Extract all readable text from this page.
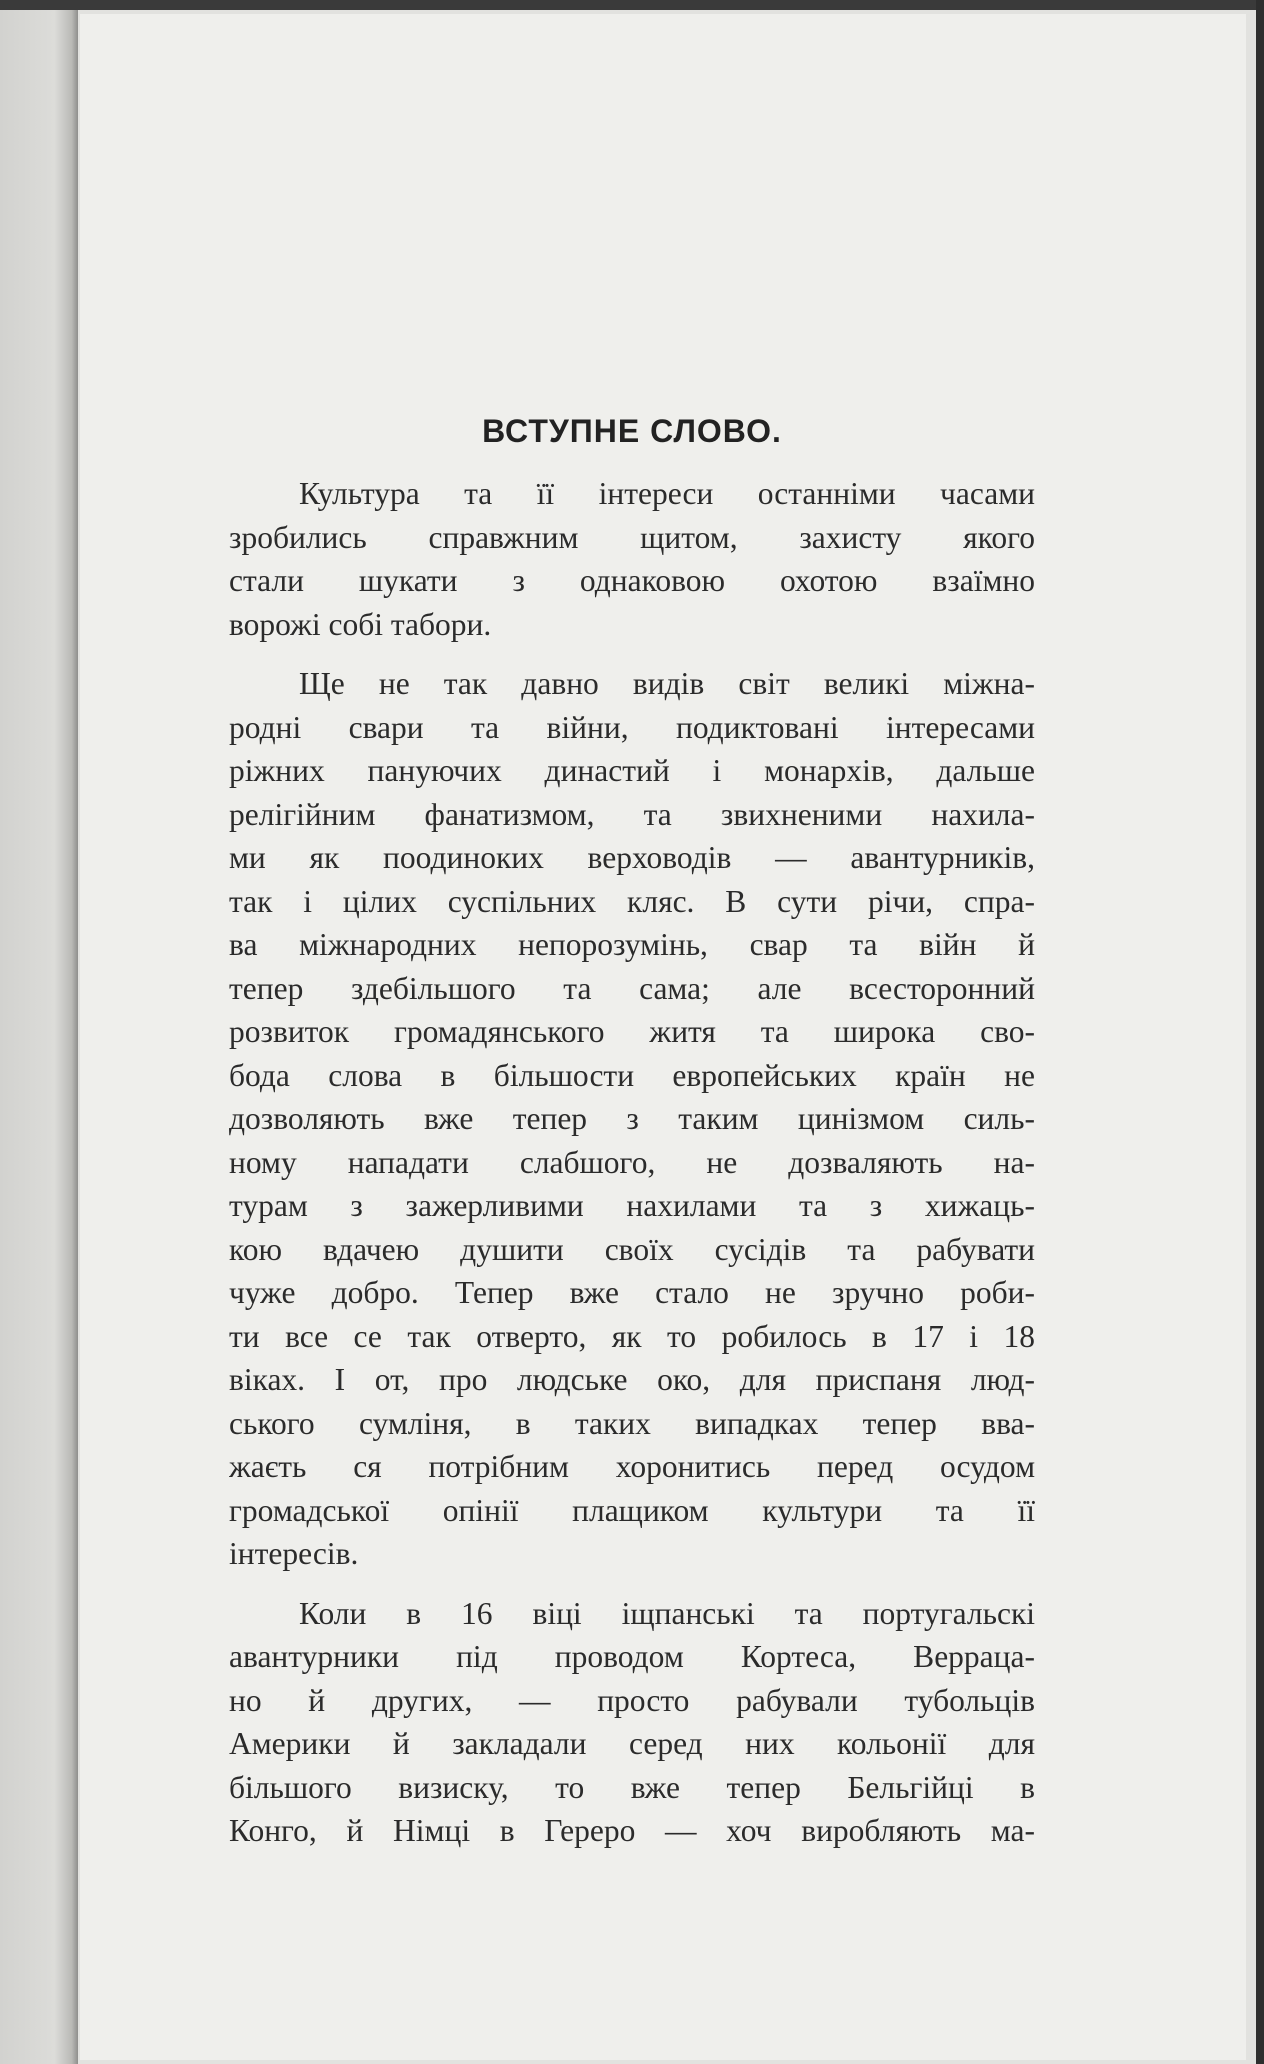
ВСТУПНЕ СЛОВО.
Культура та її інтереси останніми часами
зробились справжним щитом, захисту якого
стали шукати з однаковою охотою взаїмно
ворожі собі табори.
Ще не так давно видів світ великі міжна-
родні свари та війни, подиктовані інтересами
ріжних пануючих династий і монархів, дальше
релігійним фанатизмом, та звихненими нахила-
ми як поодиноких верховодів — авантурників,
так і цілих суспільних кляс. В сути річи, спра-
ва міжнародних непорозумінь, свар та війн й
тепер здебільшого та сама; але всесторонний
розвиток громадянського житя та широка сво-
бода слова в більшости европейських країн не
дозволяють вже тепер з таким цинізмом силь-
ному нападати слабшого, не дозваляють на-
турам з зажерливими нахилами та з хижаць-
кою вдачею душити своїх сусідів та рабувати
чуже добро. Тепер вже стало не зручно роби-
ти все се так отверто, як то робилось в 17 і 18
віках. І от, про людське око, для приспаня люд-
ського сумліня, в таких випадках тепер вва-
жаєть ся потрібним хоронитись перед осудом
громадської опінії плащиком культури та її
інтересів.
Коли в 16 віці іщпанські та португальскі
авантурники під проводом Кортеса, Веррацa-
но й других, — просто рабували тубольців
Америки й закладали серед них кольонії для
більшого визиску, то вже тепер Бельгійці в
Конго, й Німці в Гереро — хоч виробляють ма-
